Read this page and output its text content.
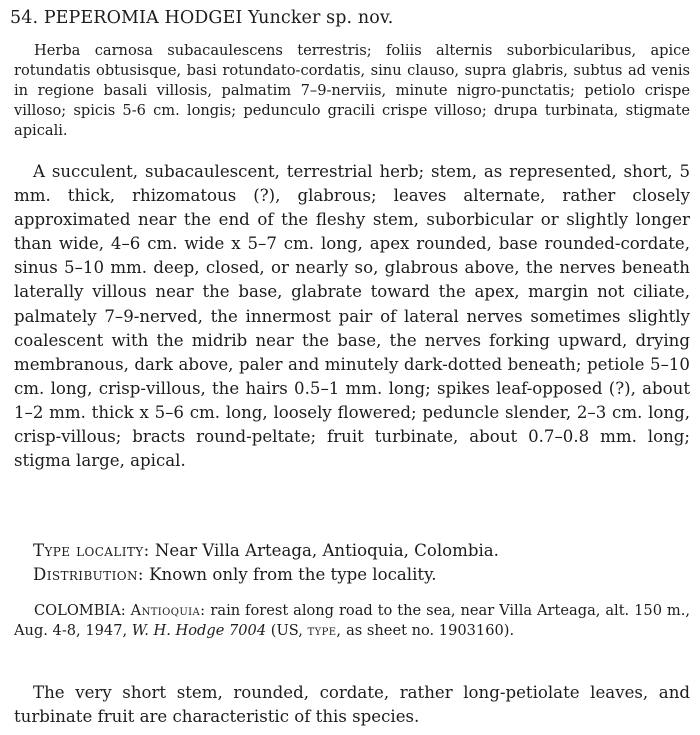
54. PEPEROMIA HODGEI Yuncker sp. nov.

Herba carnosa subacaulescens terrestris; foliis alternis suborbicularibus, apice rotundatis obtusisque, basi rotundato-cordatis, sinu clauso, supra glabris, subtus ad venis in regione basali villosis, palmatim 7–9-nerviis, minute nigro-punctatis; petiolo crispe villoso; spicis 5-6 cm. longis; pedunculo gracili crispe villoso; drupa turbinata, stigmate apicali.

A succulent, subacaulescent, terrestrial herb; stem, as represented, short, 5 mm. thick, rhizomatous (?), glabrous; leaves alternate, rather closely approximated near the end of the fleshy stem, suborbicular or slightly longer than wide, 4–6 cm. wide x 5–7 cm. long, apex rounded, base rounded-cordate, sinus 5–10 mm. deep, closed, or nearly so, glabrous above, the nerves beneath laterally villous near the base, glabrate toward the apex, margin not ciliate, palmately 7–9-nerved, the innermost pair of lateral nerves sometimes slightly coalescent with the midrib near the base, the nerves forking upward, drying membranous, dark above, paler and minutely dark-dotted beneath; petiole 5–10 cm. long, crisp-villous, the hairs 0.5–1 mm. long; spikes leaf-opposed (?), about 1–2 mm. thick x 5–6 cm. long, loosely flowered; peduncle slender, 2–3 cm. long, crisp-villous; bracts round-peltate; fruit turbinate, about 0.7–0.8 mm. long; stigma large, apical.

Type locality: Near Villa Arteaga, Antioquia, Colombia.
Distribution: Known only from the type locality.

COLOMBIA: Antioquia: rain forest along road to the sea, near Villa Arteaga, alt. 150 m., Aug. 4-8, 1947, W. H. Hodge 7004 (US, type, as sheet no. 1903160).

The very short stem, rounded, cordate, rather long-petiolate leaves, and turbinate fruit are characteristic of this species.
